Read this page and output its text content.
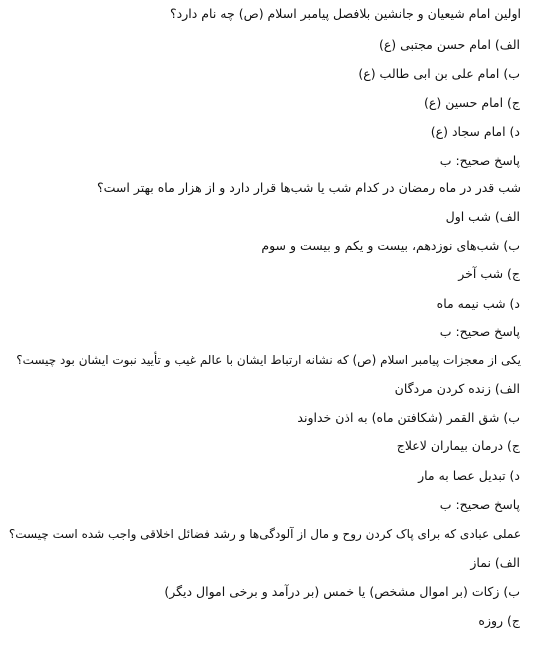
اولین امام شیعیان و جانشین بلافصل پیامبر اسلام (ص) چه نام دارد؟
الف) امام حسن مجتبی (ع)
ب) امام علی بن ابی طالب (ع)
ج) امام حسین (ع)
د) امام سجاد (ع)
پاسخ صحیح: ب
شب قدر در ماه رمضان در کدام شب یا شب‌ها قرار دارد و از هزار ماه بهتر است؟
الف) شب اول
ب) شب‌های نوزدهم، بیست و یکم و بیست و سوم
ج) شب آخر
د) شب نیمه ماه
پاسخ صحیح: ب
یکی از معجزات پیامبر اسلام (ص) که نشانه ارتباط ایشان با عالم غیب و تأیید نبوت ایشان بود چیست؟
الف) زنده کردن مردگان
ب) شق القمر (شکافتن ماه) به اذن خداوند
ج) درمان بیماران لاعلاج
د) تبدیل عصا به مار
پاسخ صحیح: ب
عملی عبادی که برای پاک کردن روح و مال از آلودگی‌ها و رشد فضائل اخلاقی واجب شده است چیست؟
الف) نماز
ب) زکات (بر اموال مشخص) یا خمس (بر درآمد و برخی اموال دیگر)
ج) روزه
